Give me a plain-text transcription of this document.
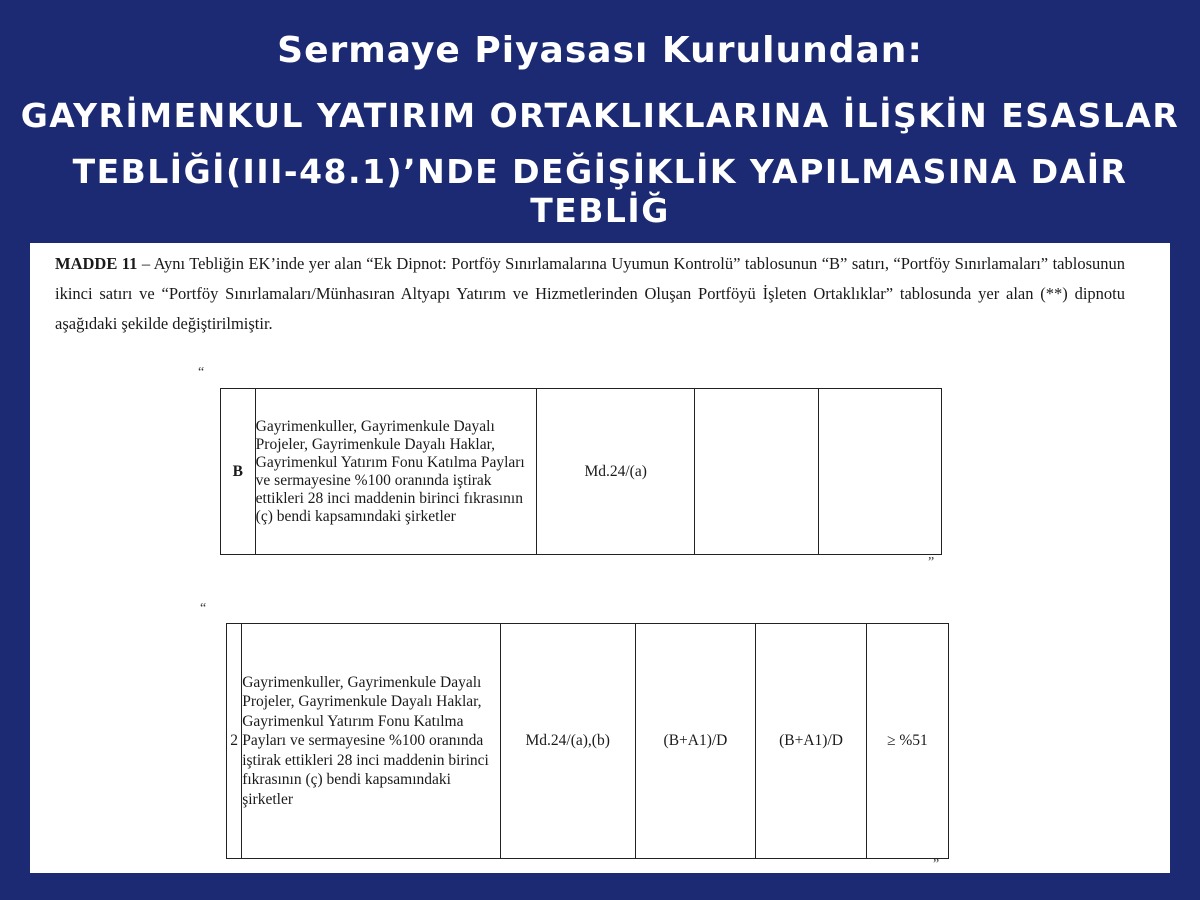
Sermaye Piyasası Kurulundan:
GAYRİMENKUL YATIRIM ORTAKLIKLARINA İLİŞKİN ESASLAR
TEBLİĞİ(III-48.1)’NDE DEĞİŞİKLİK YAPILMASINA DAİR TEBLİĞ
MADDE 11 – Aynı Tebliğin EK’inde yer alan “Ek Dipnot: Portföy Sınırlamalarına Uyumun Kontrolü” tablosunun “B” satırı, “Portföy Sınırlamaları” tablosunun ikinci satırı ve “Portföy Sınırlamaları/Münhasıran Altyapı Yatırım ve Hizmetlerinden Oluşan Portföyü İşleten Ortaklıklar” tablosunda yer alan (**) dipnotu aşağıdaki şekilde değiştirilmiştir.
“
B	Gayrimenkuller, Gayrimenkule Dayalı Projeler, Gayrimenkule Dayalı Haklar, Gayrimenkul Yatırım Fonu Katılma Payları ve sermayesine %100 oranında iştirak ettikleri 28 inci maddenin birinci fıkrasının (ç) bendi kapsamındaki şirketler	Md.24/(a)		
”
“
2	Gayrimenkuller, Gayrimenkule Dayalı Projeler, Gayrimenkule Dayalı Haklar, Gayrimenkul Yatırım Fonu Katılma Payları ve sermayesine %100 oranında iştirak ettikleri 28 inci maddenin birinci fıkrasının (ç) bendi kapsamındaki şirketler	Md.24/(a),(b)	(B+A1)/D	(B+A1)/D	≥ %51
”
